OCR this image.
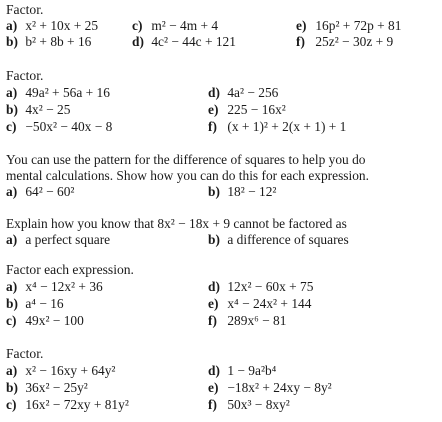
Factor.
a) x² + 10x + 25	c) m² − 4m + 4	e) 16p² + 72p + 81
b) b² + 8b + 16	d) 4c² − 44c + 121	f) 25z² − 30z + 9
Factor.
a) 49a² + 56a + 16
b) 4x² − 25
c) −50x² − 40x − 8
d) 4a² − 256
e) 225 − 16x²
f) (x + 1)² + 2(x + 1) + 1
You can use the pattern for the difference of squares to help you do
mental calculations. Show how you can do this for each expression.
a) 64² − 60²	b) 18² − 12²
Explain how you know that 8x² − 18x + 9 cannot be factored as
a) a perfect square	b) a difference of squares
Factor each expression.
a) x⁴ − 12x² + 36
b) a⁴ − 16
c) 49x² − 100
d) 12x² − 60x + 75
e) x⁴ − 24x² + 144
f) 289x⁶ − 81
Factor.
a) x² − 16xy + 64y²
b) 36x² − 25y²
c) 16x² − 72xy + 81y²
d) 1 − 9a²b⁴
e) −18x² + 24xy − 8y²
f) 50x³ − 8xy²
